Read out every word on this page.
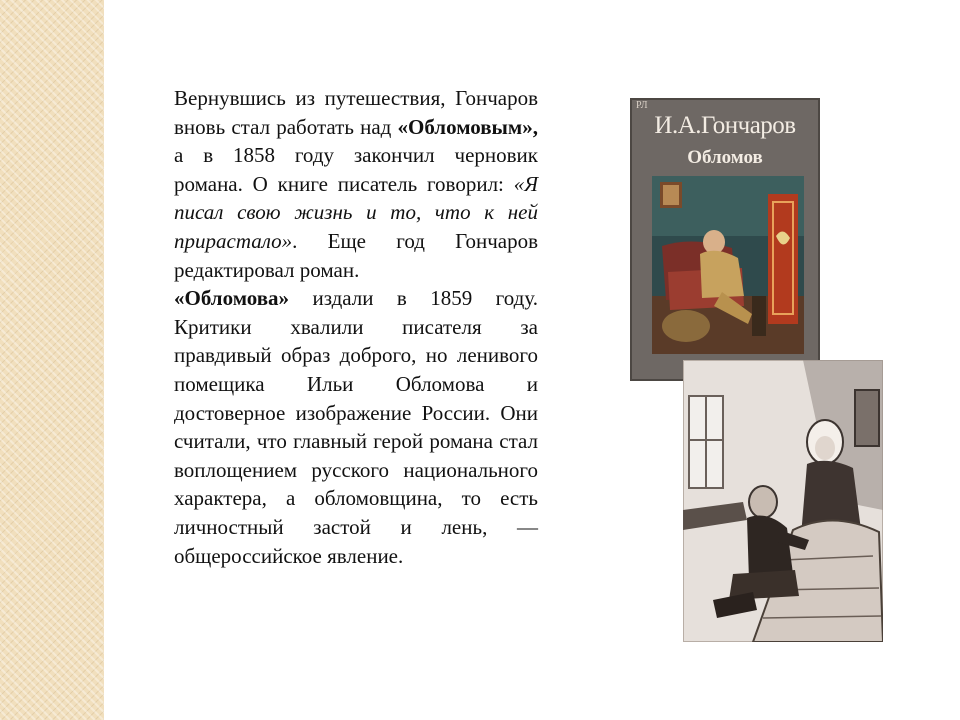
Вернувшись из путешествия, Гончаров вновь стал работать над «Обломовым», а в 1858 году закончил черновик романа. О книге писатель говорил: «Я писал свою жизнь и то, что к ней прирастало». Еще год Гончаров редактировал роман.

«Обломова» издали в 1859 году. Критики хвалили писателя за правдивый образ доброго, но ленивого помещика Ильи Обломова и достоверное изображение России. Они считали, что главный герой романа стал воплощением русского национального характера, а обломовщина, то есть личностный застой и лень, — общероссийское явление.

РЛ
И.А.Гончаров
Обломов
